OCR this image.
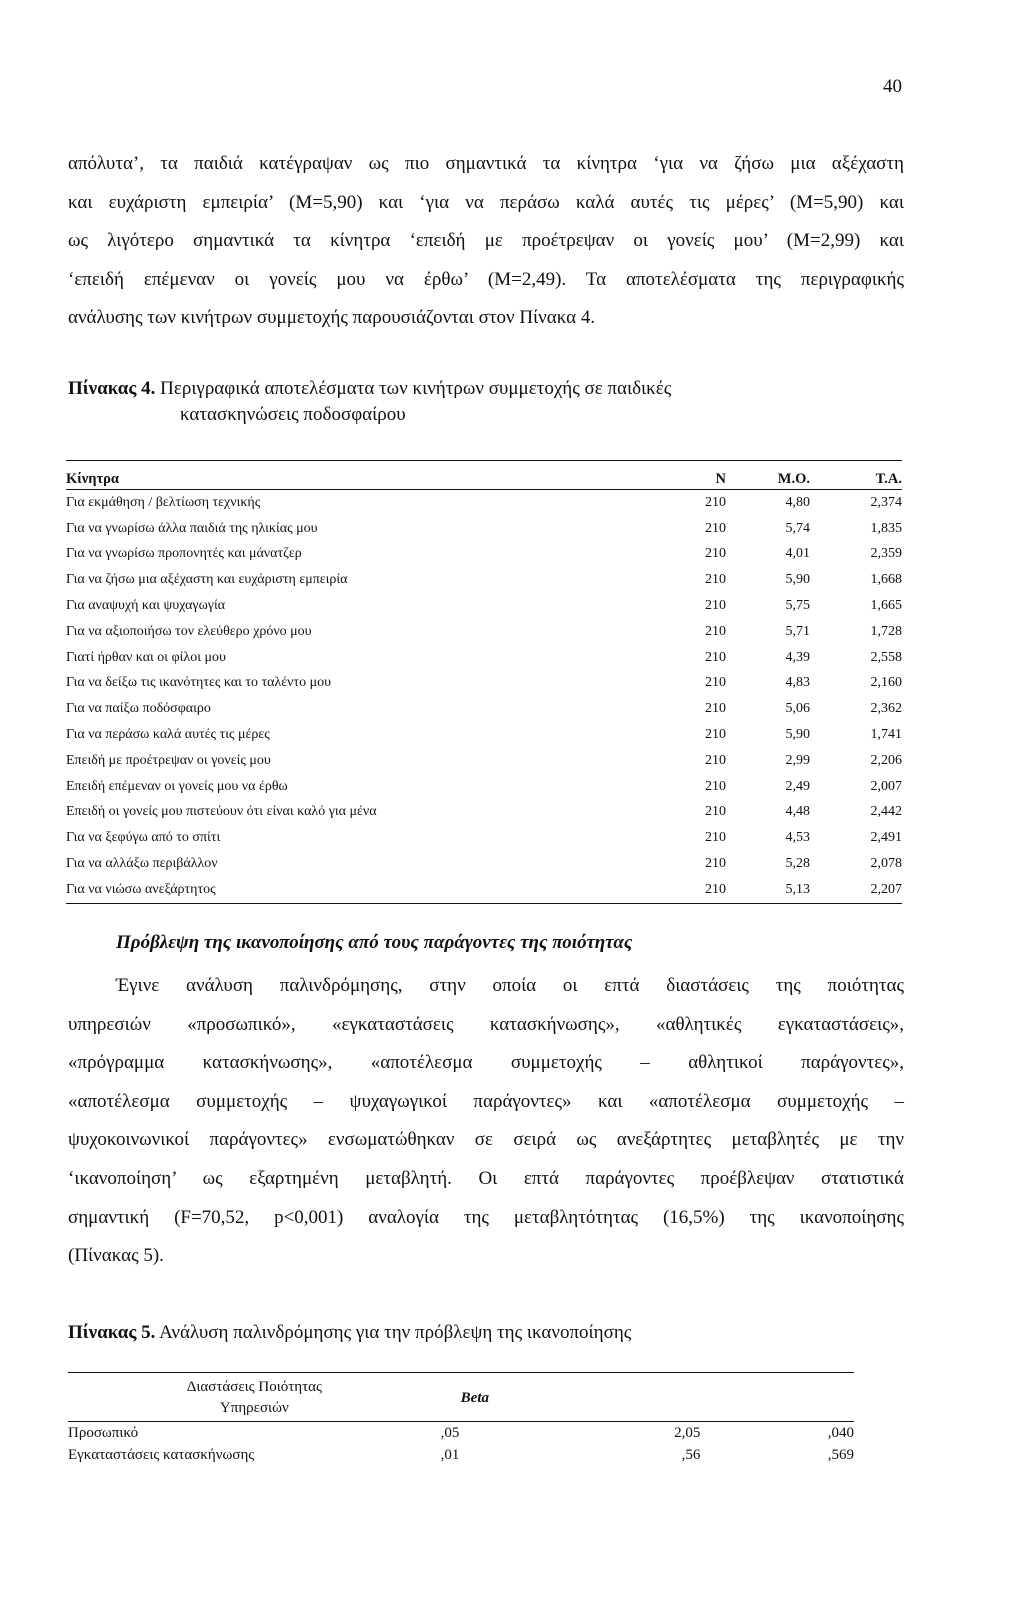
40
απόλυτα’, τα παιδιά κατέγραψαν ως πιο σημαντικά τα κίνητρα ‘για να ζήσω μια αξέχαστη
και ευχάριστη εμπειρία’ (Μ=5,90) και ‘για να περάσω καλά αυτές τις μέρες’ (Μ=5,90) και
ως λιγότερο σημαντικά τα κίνητρα ‘επειδή με προέτρεψαν οι γονείς μου’ (Μ=2,99) και
‘επειδή επέμεναν οι γονείς μου να έρθω’ (Μ=2,49). Τα αποτελέσματα της περιγραφικής
ανάλυσης των κινήτρων συμμετοχής παρουσιάζονται στον Πίνακα 4.
Πίνακας 4. Περιγραφικά αποτελέσματα των κινήτρων συμμετοχής σε παιδικές
κατασκηνώσεις ποδοσφαίρου
Κίνητρα	N	Μ.Ο.	Τ.Α.
Για εκμάθηση / βελτίωση τεχνικής	210	4,80	2,374
Για να γνωρίσω άλλα παιδιά της ηλικίας μου	210	5,74	1,835
Για να γνωρίσω προπονητές και μάνατζερ	210	4,01	2,359
Για να ζήσω μια αξέχαστη και ευχάριστη εμπειρία	210	5,90	1,668
Για αναψυχή και ψυχαγωγία	210	5,75	1,665
Για να αξιοποιήσω τον ελεύθερο χρόνο μου	210	5,71	1,728
Γιατί ήρθαν και οι φίλοι μου	210	4,39	2,558
Για να δείξω τις ικανότητες και το ταλέντο μου	210	4,83	2,160
Για να παίξω ποδόσφαιρο	210	5,06	2,362
Για να περάσω καλά αυτές τις μέρες	210	5,90	1,741
Επειδή με προέτρεψαν οι γονείς μου	210	2,99	2,206
Επειδή επέμεναν οι γονείς μου να έρθω	210	2,49	2,007
Επειδή οι γονείς μου πιστεύουν ότι είναι καλό για μένα	210	4,48	2,442
Για να ξεφύγω από το σπίτι	210	4,53	2,491
Για να αλλάξω περιβάλλον	210	5,28	2,078
Για να νιώσω ανεξάρτητος	210	5,13	2,207
Πρόβλεψη της ικανοποίησης από τους παράγοντες της ποιότητας
Έγινε ανάλυση παλινδρόμησης, στην οποία οι επτά διαστάσεις της ποιότητας
υπηρεσιών «προσωπικό», «εγκαταστάσεις κατασκήνωσης», «αθλητικές εγκαταστάσεις»,
«πρόγραμμα κατασκήνωσης», «αποτέλεσμα συμμετοχής – αθλητικοί παράγοντες»,
«αποτέλεσμα συμμετοχής – ψυχαγωγικοί παράγοντες» και «αποτέλεσμα συμμετοχής –
ψυχοκοινωνικοί παράγοντες» ενσωματώθηκαν σε σειρά ως ανεξάρτητες μεταβλητές με την
‘ικανοποίηση’ ως εξαρτημένη μεταβλητή. Οι επτά παράγοντες προέβλεψαν στατιστικά
σημαντική (F=70,52, p<0,001) αναλογία της μεταβλητότητας (16,5%) της ικανοποίησης
(Πίνακας 5).
Πίνακας 5. Ανάλυση παλινδρόμησης για την πρόβλεψη της ικανοποίησης
Διαστάσεις Ποιότητας
Υπηρεσιών	Beta		
Προσωπικό	,05	2,05	,040
Εγκαταστάσεις κατασκήνωσης	,01	,56	,569
